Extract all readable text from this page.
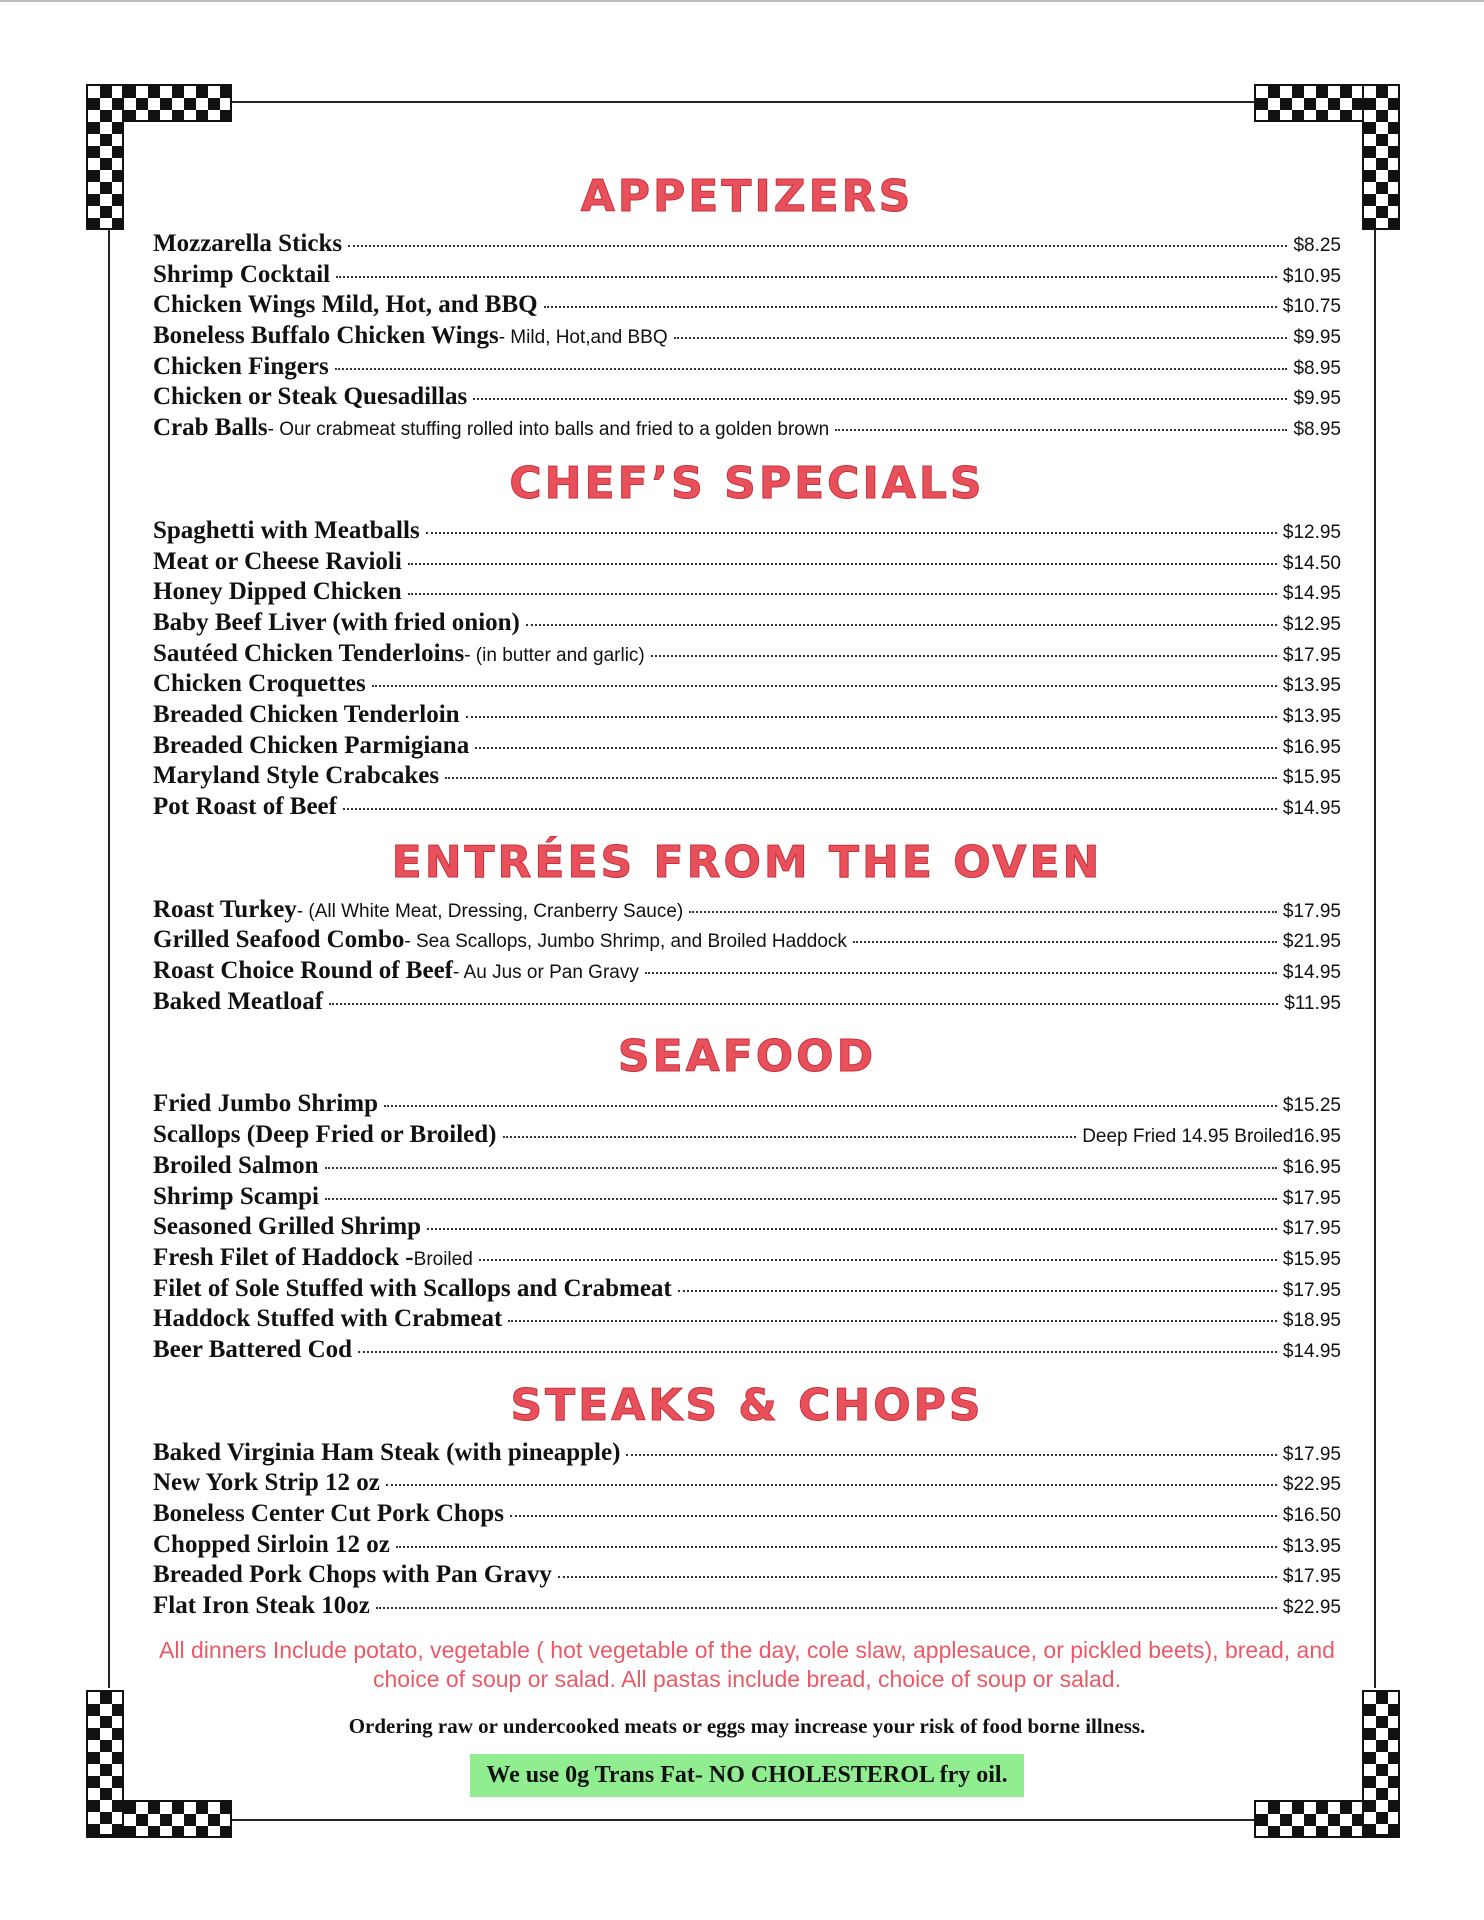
APPETIZERS
Mozzarella Sticks	$8.25
Shrimp Cocktail	$10.95
Chicken Wings Mild, Hot, and BBQ	$10.75
Boneless Buffalo Chicken Wings - Mild, Hot,and BBQ	$9.95
Chicken Fingers	$8.95
Chicken or Steak Quesadillas	$9.95
Crab Balls - Our crabmeat stuffing rolled into balls and fried to a golden brown	$8.95
CHEF’S SPECIALS
Spaghetti with Meatballs	$12.95
Meat or Cheese Ravioli	$14.50
Honey Dipped Chicken	$14.95
Baby Beef Liver (with fried onion)	$12.95
Sautéed Chicken Tenderloins - (in butter and garlic)	$17.95
Chicken Croquettes	$13.95
Breaded Chicken Tenderloin	$13.95
Breaded Chicken Parmigiana	$16.95
Maryland Style Crabcakes	$15.95
Pot Roast of Beef	$14.95
ENTRÉES FROM THE OVEN
Roast Turkey - (All White Meat, Dressing, Cranberry Sauce)	$17.95
Grilled Seafood Combo - Sea Scallops, Jumbo Shrimp, and Broiled Haddock	$21.95
Roast Choice Round of Beef - Au Jus or Pan Gravy	$14.95
Baked Meatloaf	$11.95
SEAFOOD
Fried Jumbo Shrimp	$15.25
Scallops (Deep Fried or Broiled)	Deep Fried 14.95 Broiled16.95
Broiled Salmon	$16.95
Shrimp Scampi	$17.95
Seasoned Grilled Shrimp	$17.95
Fresh Filet of Haddock - Broiled	$15.95
Filet of Sole Stuffed with Scallops and Crabmeat	$17.95
Haddock Stuffed with Crabmeat	$18.95
Beer Battered Cod	$14.95
STEAKS & CHOPS
Baked Virginia Ham Steak (with pineapple)	$17.95
New York Strip 12 oz	$22.95
Boneless Center Cut Pork Chops	$16.50
Chopped Sirloin 12 oz	$13.95
Breaded Pork Chops with Pan Gravy	$17.95
Flat Iron Steak 10oz	$22.95
All dinners Include potato, vegetable ( hot vegetable of the day, cole slaw, applesauce, or pickled beets), bread, and choice of soup or salad. All pastas include bread, choice of soup or salad.
Ordering raw or undercooked meats or eggs may increase your risk of food borne illness.
We use 0g Trans Fat- NO CHOLESTEROL fry oil.
